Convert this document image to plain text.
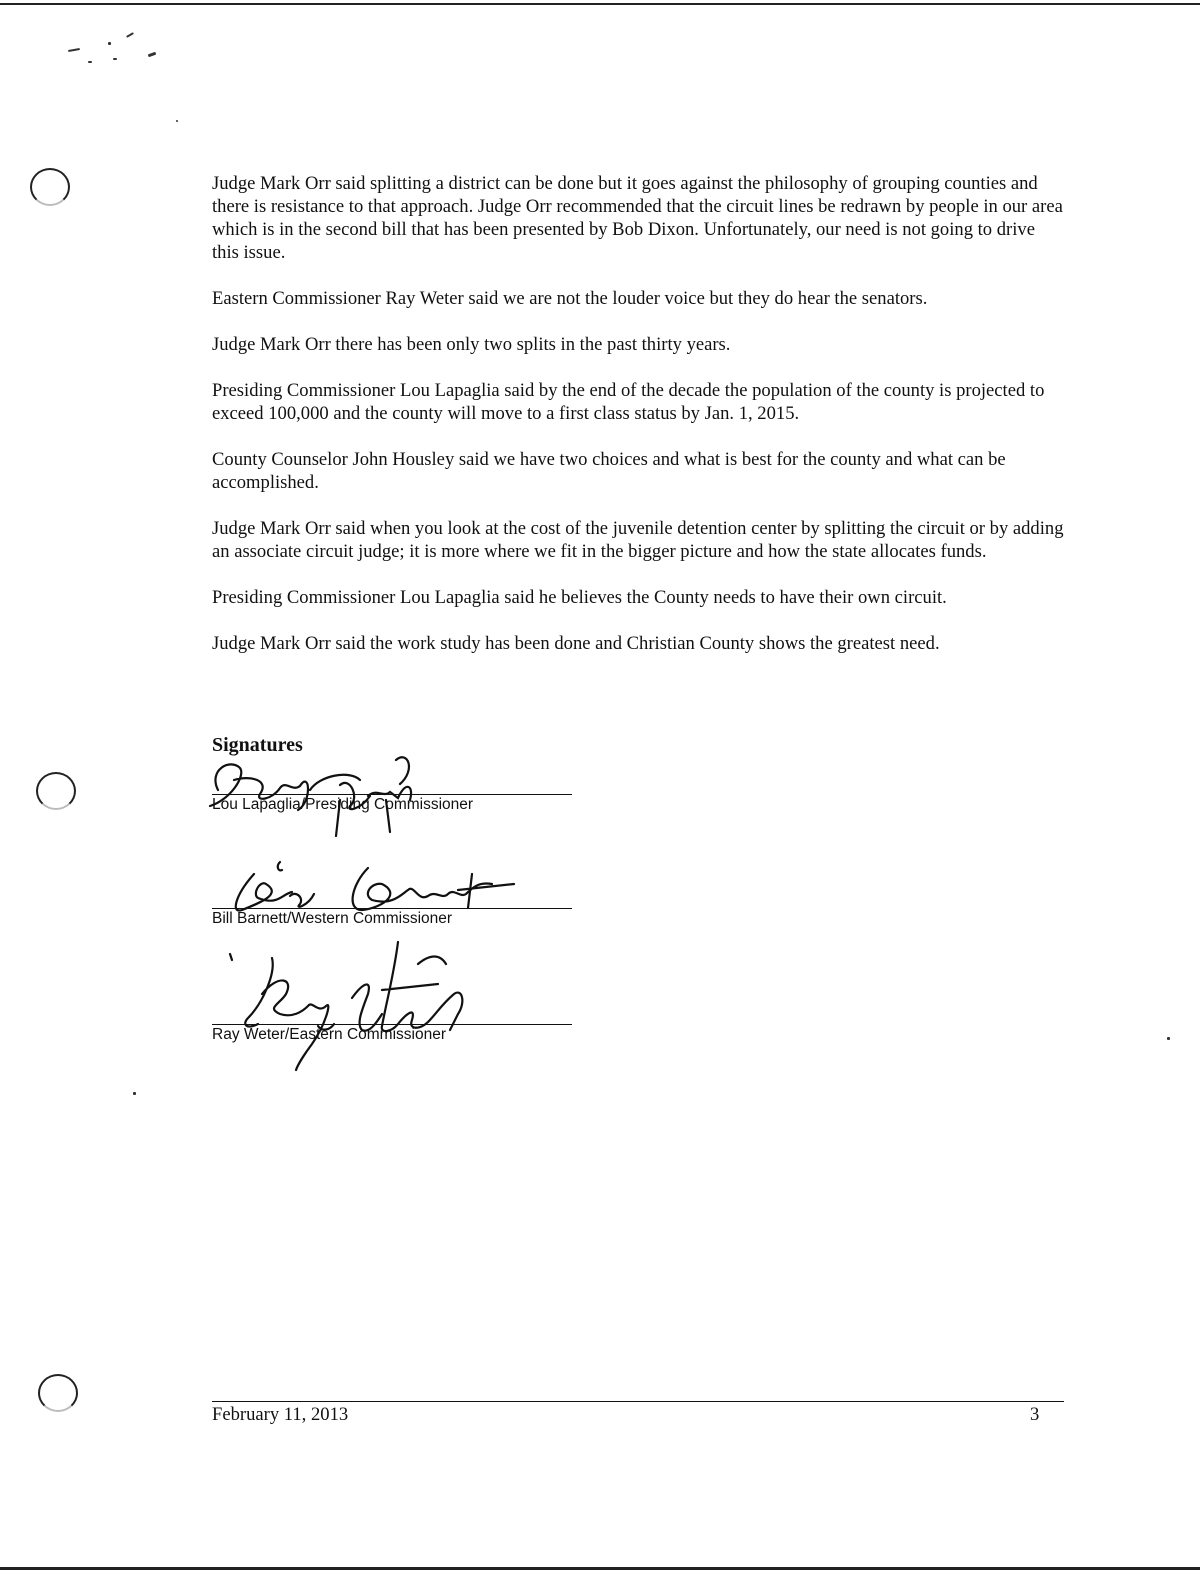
Judge Mark Orr said splitting a district can be done but it goes against the philosophy of grouping counties and there is resistance to that approach. Judge Orr recommended that the circuit lines be redrawn by people in our area which is in the second bill that has been presented by Bob Dixon. Unfortunately, our need is not going to drive this issue.

Eastern Commissioner Ray Weter said we are not the louder voice but they do hear the senators.

Judge Mark Orr there has been only two splits in the past thirty years.

Presiding Commissioner Lou Lapaglia said by the end of the decade the population of the county is projected to exceed 100,000 and the county will move to a first class status by Jan. 1, 2015.

County Counselor John Housley said we have two choices and what is best for the county and what can be accomplished.

Judge Mark Orr said when you look at the cost of the juvenile detention center by splitting the circuit or by adding an associate circuit judge; it is more where we fit in the bigger picture and how the state allocates funds.

Presiding Commissioner Lou Lapaglia said he believes the County needs to have their own circuit.

Judge Mark Orr said the work study has been done and Christian County shows the greatest need.

Signatures
Lou Lapaglia/Presiding Commissioner
Bill Barnett/Western Commissioner
Ray Weter/Eastern Commissioner
February 11, 2013	3
